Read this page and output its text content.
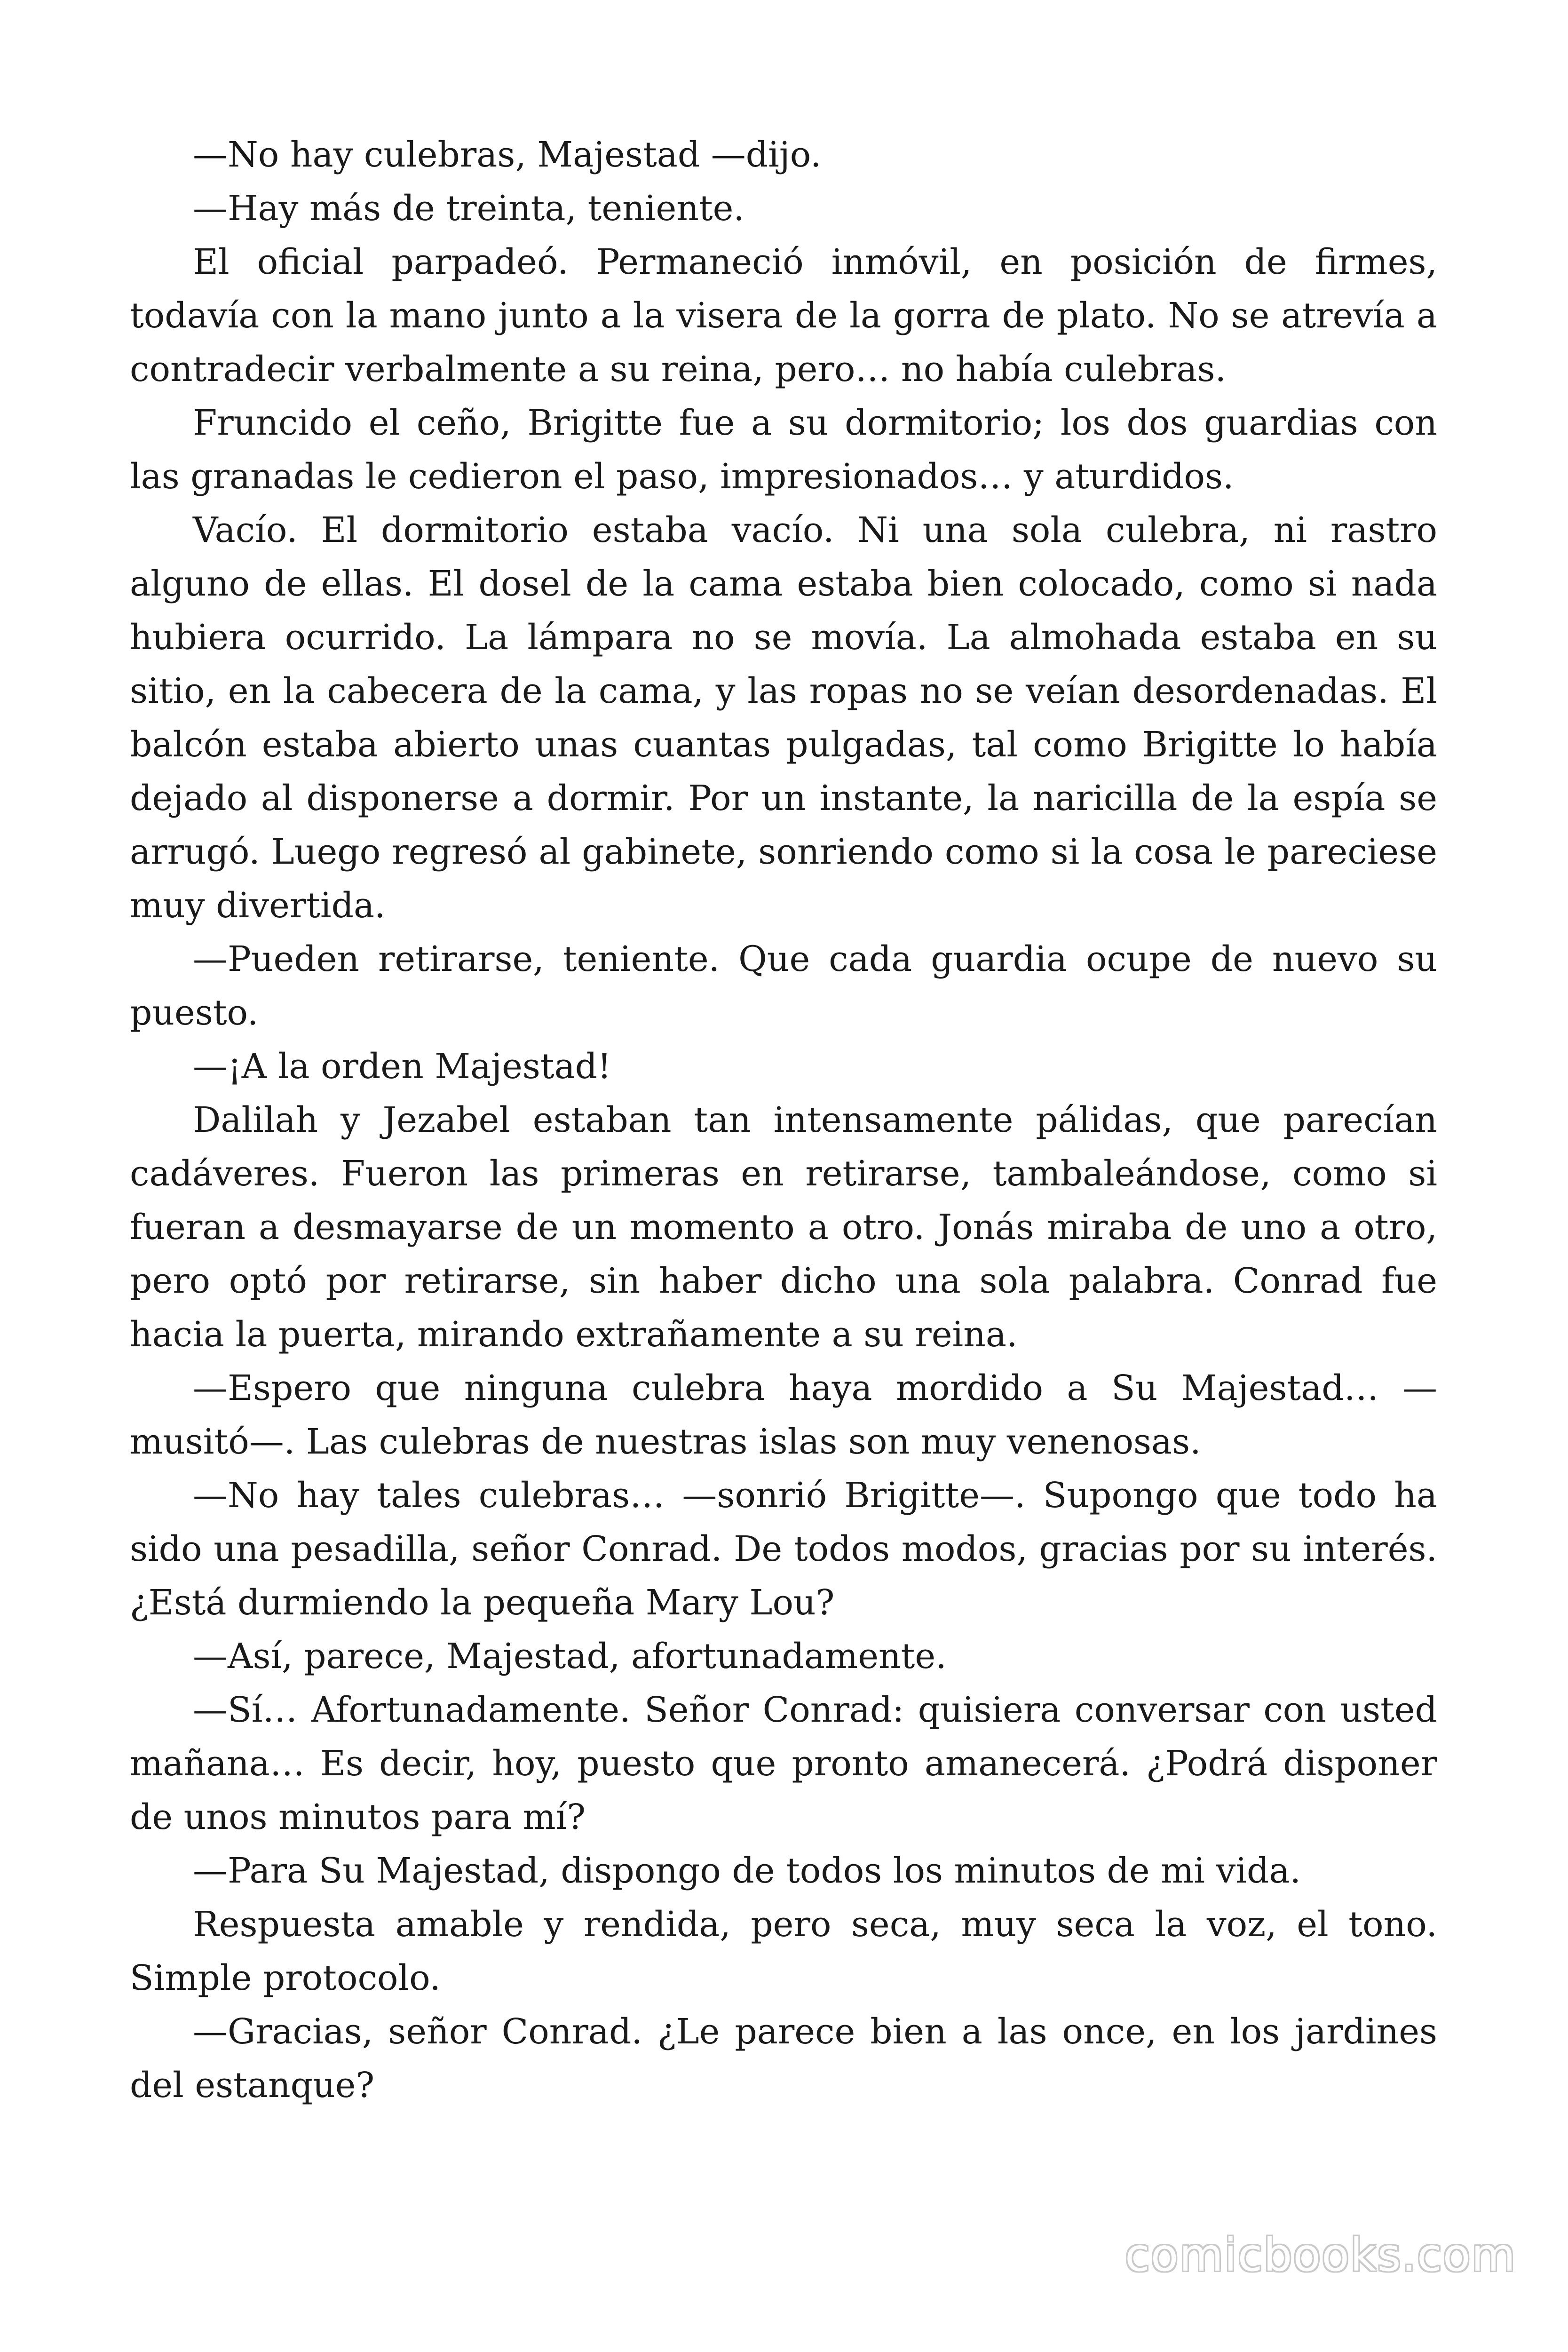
—No hay culebras, Majestad —dijo.

—Hay más de treinta, teniente.

El oficial parpadeó. Permaneció inmóvil, en posición de firmes, todavía con la mano junto a la visera de la gorra de plato. No se atrevía a contradecir verbalmente a su reina, pero… no había culebras.

Fruncido el ceño, Brigitte fue a su dormitorio; los dos guardias con las granadas le cedieron el paso, impresionados… y aturdidos.

Vacío. El dormitorio estaba vacío. Ni una sola culebra, ni rastro alguno de ellas. El dosel de la cama estaba bien colocado, como si nada hubiera ocurrido. La lámpara no se movía. La almohada estaba en su sitio, en la cabecera de la cama, y las ropas no se veían desordenadas. El balcón estaba abierto unas cuantas pulgadas, tal como Brigitte lo había dejado al disponerse a dormir. Por un instante, la naricilla de la espía se arrugó. Luego regresó al gabinete, sonriendo como si la cosa le pareciese muy divertida.

—Pueden retirarse, teniente. Que cada guardia ocupe de nuevo su puesto.

—¡A la orden Majestad!

Dalilah y Jezabel estaban tan intensamente pálidas, que parecían cadáveres. Fueron las primeras en retirarse, tambaleándose, como si fueran a desmayarse de un momento a otro. Jonás miraba de uno a otro, pero optó por retirarse, sin haber dicho una sola palabra. Conrad fue hacia la puerta, mirando extrañamente a su reina.

—Espero que ninguna culebra haya mordido a Su Majestad… —musitó—. Las culebras de nuestras islas son muy venenosas.

—No hay tales culebras… —sonrió Brigitte—. Supongo que todo ha sido una pesadilla, señor Conrad. De todos modos, gracias por su interés. ¿Está durmiendo la pequeña Mary Lou?

—Así, parece, Majestad, afortunadamente.

—Sí… Afortunadamente. Señor Conrad: quisiera conversar con usted mañana… Es decir, hoy, puesto que pronto amanecerá. ¿Podrá disponer de unos minutos para mí?

—Para Su Majestad, dispongo de todos los minutos de mi vida.

Respuesta amable y rendida, pero seca, muy seca la voz, el tono. Simple protocolo.

—Gracias, señor Conrad. ¿Le parece bien a las once, en los jardines del estanque?

comicbooks.com
